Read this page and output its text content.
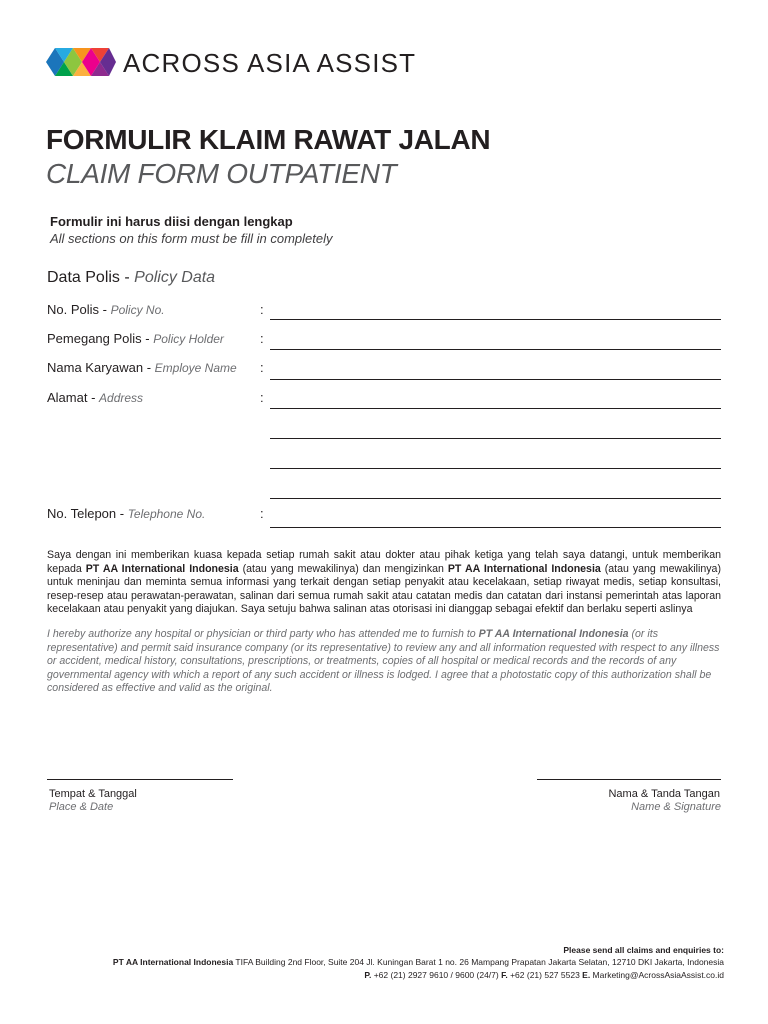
ACROSS ASIA ASSIST
FORMULIR KLAIM RAWAT JALAN
CLAIM FORM OUTPATIENT
Formulir ini harus diisi dengan lengkap
All sections on this form must be fill in completely
Data Polis - Policy Data
No. Polis - Policy No.	:
Pemegang Polis - Policy Holder	:
Nama Karyawan - Employe Name :
Alamat - Address	:
No. Telepon - Telephone No.	:
Saya dengan ini memberikan kuasa kepada setiap rumah sakit atau dokter atau pihak ketiga yang telah saya datangi, untuk memberikan kepada PT AA International Indonesia (atau yang mewakilinya) dan mengizinkan PT AA International Indonesia (atau yang mewakilinya) untuk meninjau dan meminta semua informasi yang terkait dengan setiap penyakit atau kecelakaan, setiap riwayat medis, setiap konsultasi, resep-resep atau perawatan-perawatan, salinan dari semua rumah sakit atau catatan medis dan catatan dari instansi pemerintah atas laporan kecelakaan atau penyakit yang diajukan. Saya setuju bahwa salinan atas otorisasi ini dianggap sebagai efektif dan berlaku seperti aslinya
I hereby authorize any hospital or physician or third party who has attended me to furnish to PT AA International Indonesia (or its representative) and permit said insurance company (or its representative) to review any and all information requested with respect to any illness or accident, medical history, consultations, prescriptions, or treatments, copies of all hospital or medical records and the records of any governmental agency with which a report of any such accident or illness is lodged. I agree that a photostatic copy of this authorization shall be considered as effective and valid as the original.
Tempat & Tanggal
Place & Date
Nama & Tanda Tangan
Name & Signature
Please send all claims and enquiries to:
PT AA International Indonesia TIFA Building 2nd Floor, Suite 204 Jl. Kuningan Barat 1 no. 26 Mampang Prapatan Jakarta Selatan, 12710 DKI Jakarta, Indonesia
P. +62 (21) 2927 9610 / 9600 (24/7) F. +62 (21) 527 5523 E. Marketing@AcrossAsiaAssist.co.id
